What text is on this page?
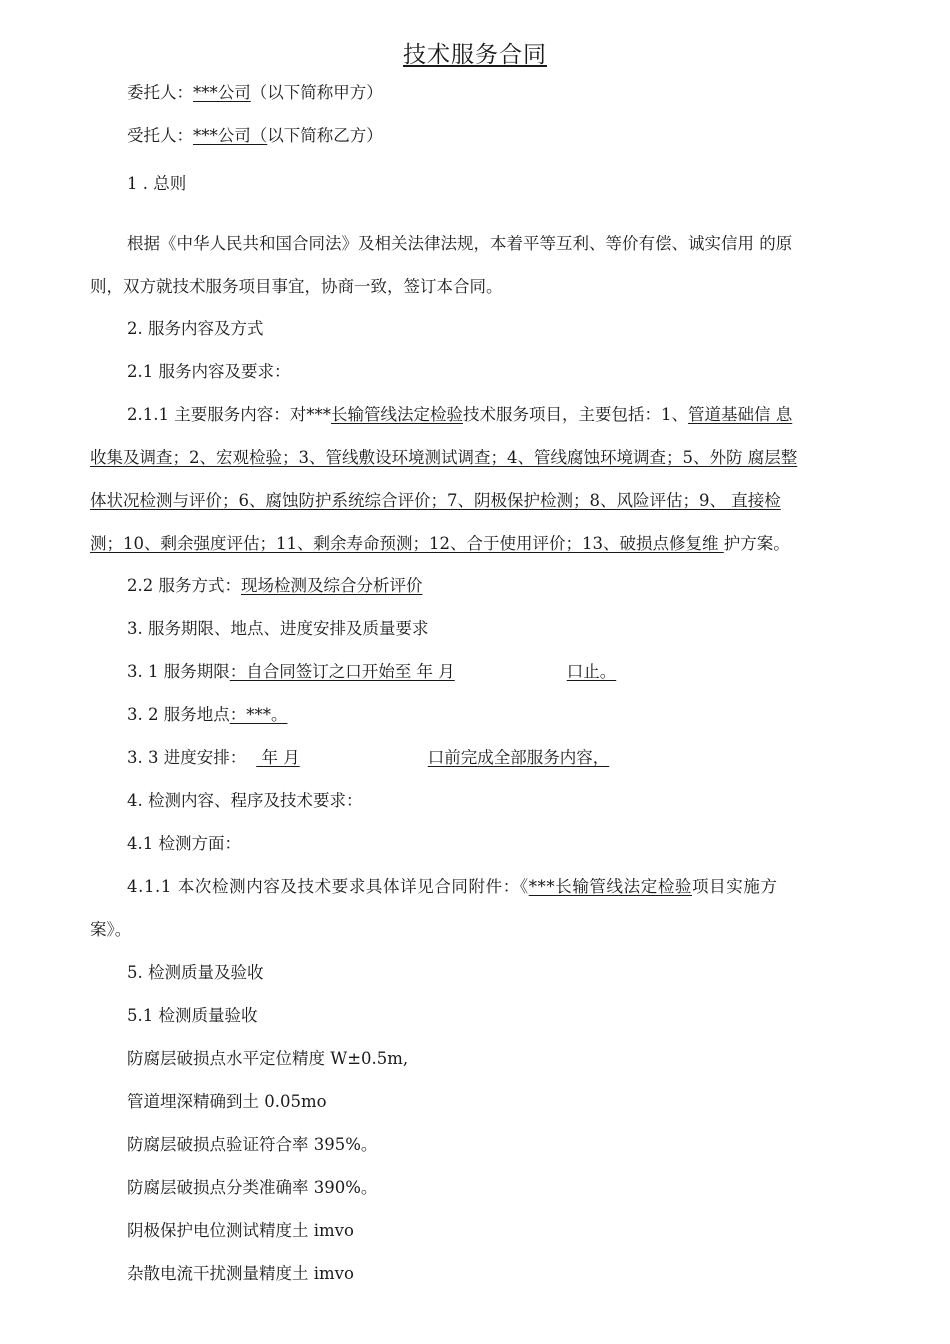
技术服务合同
委托人：***公司（以下简称甲方）
受托人：***公司（以下简称乙方）
1 . 总则
根据《中华人民共和国合同法》及相关法律法规，本着平等互利、等价有偿、诚实信用 的原
则，双方就技术服务项目事宜，协商一致，签订本合同。
2. 服务内容及方式
2.1 服务内容及要求：
2.1.1 主要服务内容：对***长输管线法定检验技术服务项目，主要包括：1、管道基础信 息
收集及调查；2、宏观检验；3、管线敷设环境测试调查；4、管线腐蚀环境调查；5、外防 腐层整
体状况检测与评价；6、腐蚀防护系统综合评价；7、阴极保护检测；8、风险评估；9、 直接检
测；10、剩余强度评估；11、剩余寿命预测；12、合于使用评价；13、破损点修复维 护方案。
2.2 服务方式：现场检测及综合分析评价
3. 服务期限、地点、进度安排及质量要求
3. 1 服务期限：自合同签订之口开始至 年 月	口止。
3. 2 服务地点：***。
3. 3 进度安排： 年 月	口前完成全部服务内容，
4. 检测内容、程序及技术要求：
4.1 检测方面：
4.1.1 本次检测内容及技术要求具体详见合同附件：《***长输管线法定检验项目实施方
案》。
5. 检测质量及验收
5.1 检测质量验收
防腐层破损点水平定位精度 W±0.5m,
管道埋深精确到土 0.05mo
防腐层破损点验证符合率 395%。
防腐层破损点分类准确率 390%。
阴极保护电位测试精度土 imvo
杂散电流干扰测量精度土 imvo
